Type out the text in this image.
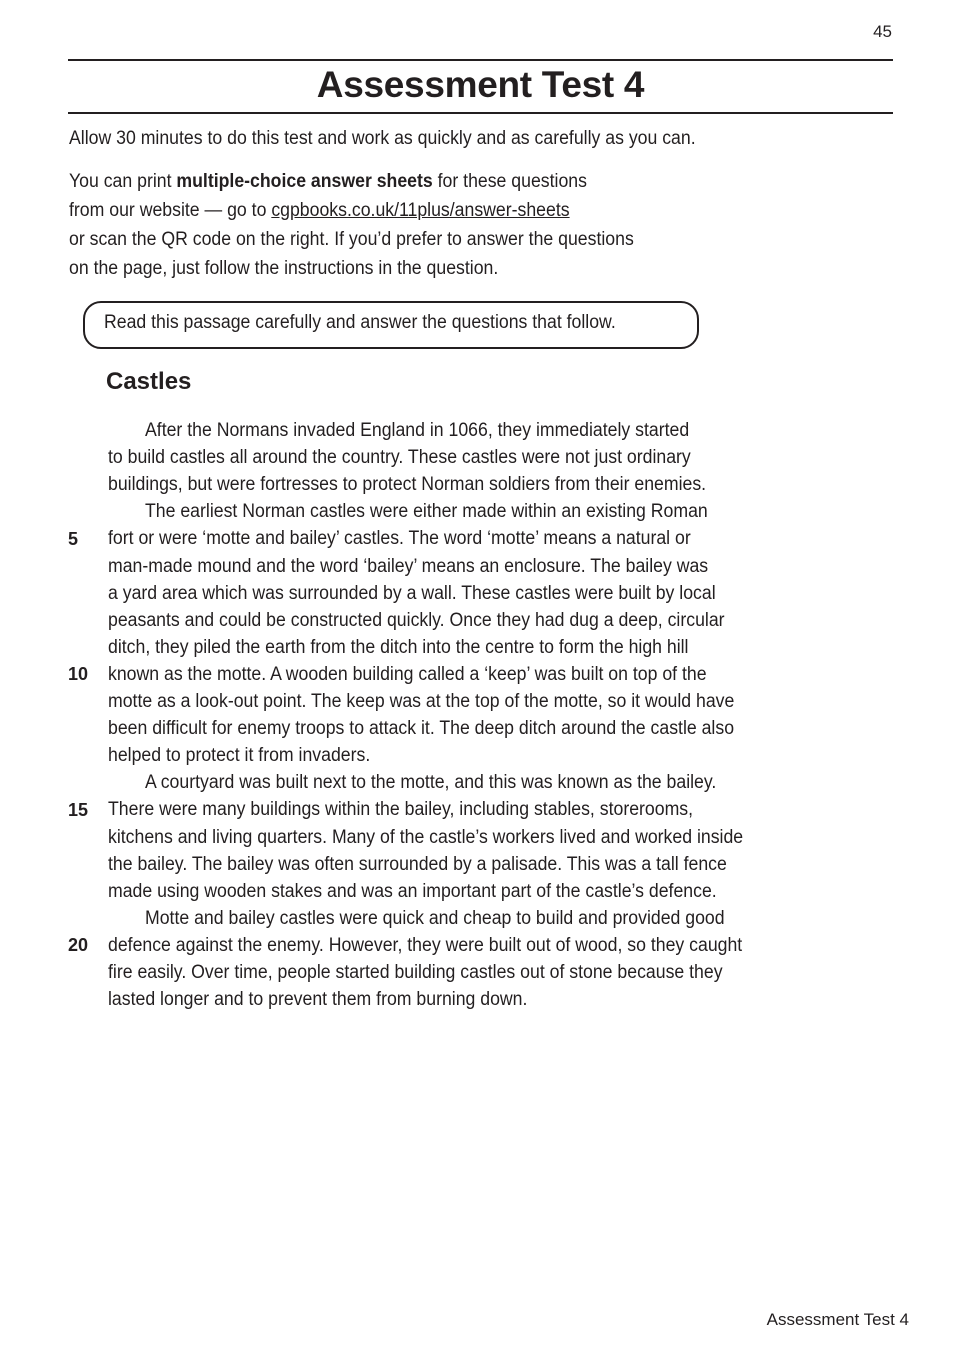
45
Assessment Test 4
Allow 30 minutes to do this test and work as quickly and as carefully as you can.
You can print multiple-choice answer sheets for these questions
from our website — go to cgpbooks.co.uk/11plus/answer-sheets
or scan the QR code on the right. If you’d prefer to answer the questions
on the page, just follow the instructions in the question.
Read this passage carefully and answer the questions that follow.
Castles
After the Normans invaded England in 1066, they immediately started
to build castles all around the country. These castles were not just ordinary
buildings, but were fortresses to protect Norman soldiers from their enemies.
The earliest Norman castles were either made within an existing Roman
fort or were ‘motte and bailey’ castles. The word ‘motte’ means a natural or
man-made mound and the word ‘bailey’ means an enclosure. The bailey was
a yard area which was surrounded by a wall. These castles were built by local
peasants and could be constructed quickly. Once they had dug a deep, circular
ditch, they piled the earth from the ditch into the centre to form the high hill
known as the motte. A wooden building called a ‘keep’ was built on top of the
motte as a look-out point. The keep was at the top of the motte, so it would have
been difficult for enemy troops to attack it. The deep ditch around the castle also
helped to protect it from invaders.
A courtyard was built next to the motte, and this was known as the bailey.
There were many buildings within the bailey, including stables, storerooms,
kitchens and living quarters. Many of the castle’s workers lived and worked inside
the bailey. The bailey was often surrounded by a palisade. This was a tall fence
made using wooden stakes and was an important part of the castle’s defence.
Motte and bailey castles were quick and cheap to build and provided good
defence against the enemy. However, they were built out of wood, so they caught
fire easily. Over time, people started building castles out of stone because they
lasted longer and to prevent them from burning down.
5
10
15
20
Assessment Test 4
